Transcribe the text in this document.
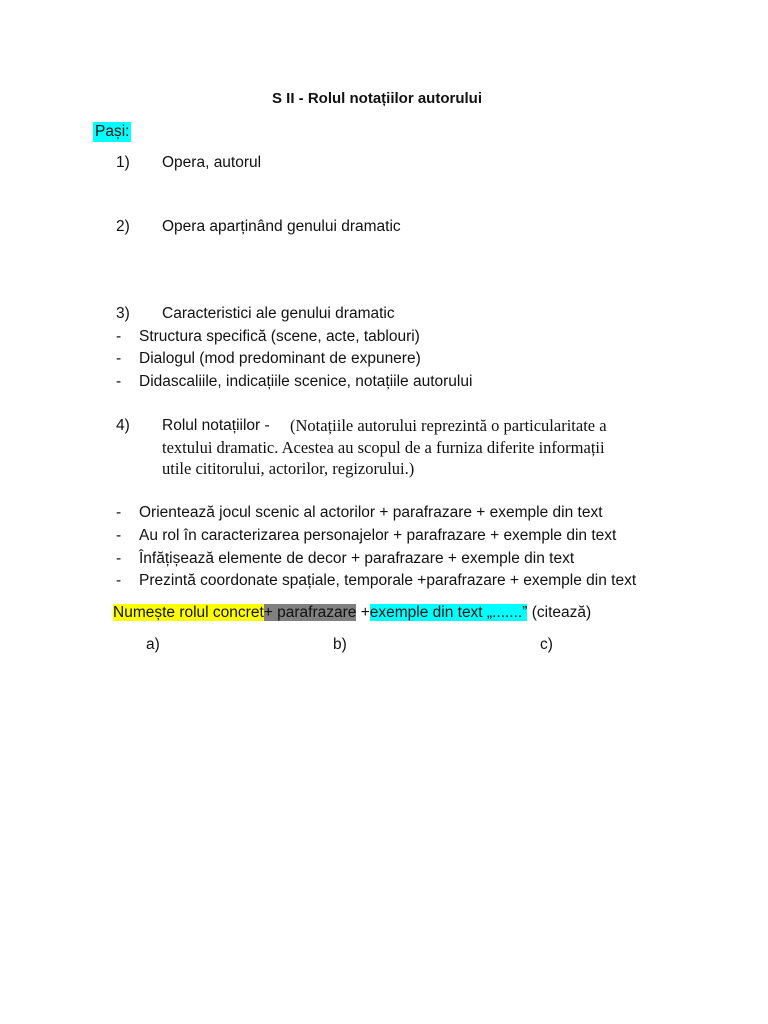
S II - Rolul notațiilor autorului
Pași:
1) Opera, autorul
2) Opera aparținând genului dramatic
3) Caracteristici ale genului dramatic
-	Structura specifică (scene, acte, tablouri)
-	Dialogul (mod predominant de expunere)
-	Didascaliile, indicațiile scenice, notațiile autorului
4) Rolul notațiilor - (Notațiile autorului reprezintă o particularitate a
textului dramatic. Acestea au scopul de a furniza diferite informații
utile cititorului, actorilor, regizorului.)
-	Orientează jocul scenic al actorilor + parafrazare + exemple din text
-	Au rol în caracterizarea personajelor + parafrazare + exemple din text
-	Înfățișează elemente de decor + parafrazare + exemple din text
-	Prezintă coordonate spațiale, temporale +parafrazare + exemple din text
Numește rolul concret+ parafrazare +exemple din text „.......” (citează)
a)	b)	c)
